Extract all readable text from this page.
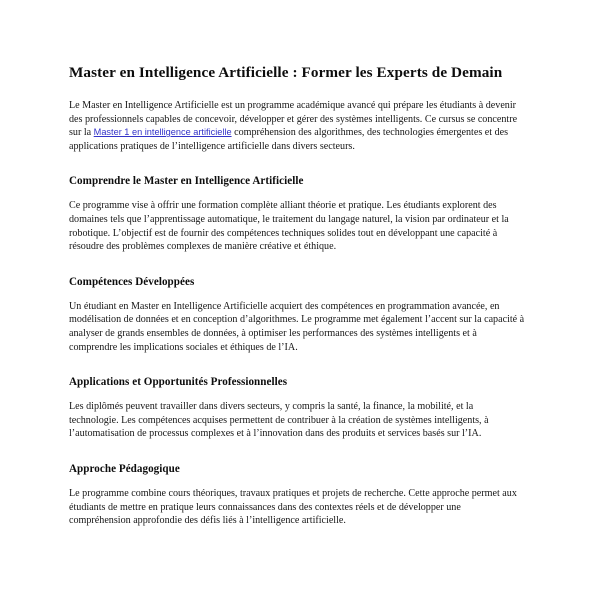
Master en Intelligence Artificielle : Former les Experts de Demain

Le Master en Intelligence Artificielle est un programme académique avancé qui prépare les étudiants à devenir des professionnels capables de concevoir, développer et gérer des systèmes intelligents. Ce cursus se concentre sur la Master 1 en intelligence artificielle compréhension des algorithmes, des technologies émergentes et des applications pratiques de l’intelligence artificielle dans divers secteurs.

Comprendre le Master en Intelligence Artificielle

Ce programme vise à offrir une formation complète alliant théorie et pratique. Les étudiants explorent des domaines tels que l’apprentissage automatique, le traitement du langage naturel, la vision par ordinateur et la robotique. L’objectif est de fournir des compétences techniques solides tout en développant une capacité à résoudre des problèmes complexes de manière créative et éthique.

Compétences Développées

Un étudiant en Master en Intelligence Artificielle acquiert des compétences en programmation avancée, en modélisation de données et en conception d’algorithmes. Le programme met également l’accent sur la capacité à analyser de grands ensembles de données, à optimiser les performances des systèmes intelligents et à comprendre les implications sociales et éthiques de l’IA.

Applications et Opportunités Professionnelles

Les diplômés peuvent travailler dans divers secteurs, y compris la santé, la finance, la mobilité, et la technologie. Les compétences acquises permettent de contribuer à la création de systèmes intelligents, à l’automatisation de processus complexes et à l’innovation dans des produits et services basés sur l’IA.

Approche Pédagogique

Le programme combine cours théoriques, travaux pratiques et projets de recherche. Cette approche permet aux étudiants de mettre en pratique leurs connaissances dans des contextes réels et de développer une compréhension approfondie des défis liés à l’intelligence artificielle.
